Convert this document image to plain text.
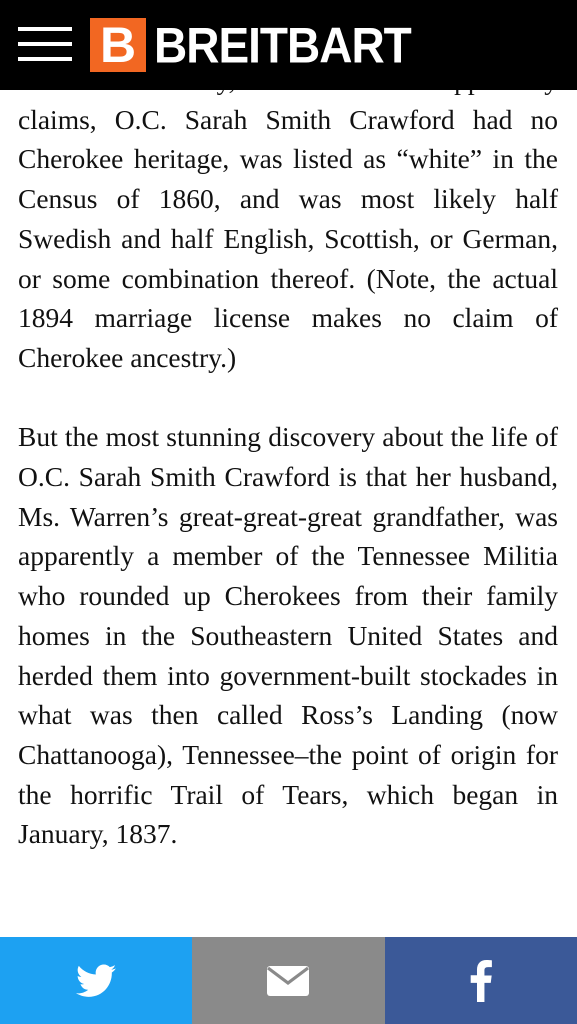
B BREITBART

claims, O.C. Sarah Smith Crawford had no Cherokee heritage, was listed as “white” in the Census of 1860, and was most likely half Swedish and half English, Scottish, or German, or some combination thereof. (Note, the actual 1894 marriage license makes no claim of Cherokee ancestry.)

But the most stunning discovery about the life of O.C. Sarah Smith Crawford is that her husband, Ms. Warren’s great-great-great grandfather, was apparently a member of the Tennessee Militia who rounded up Cherokees from their family homes in the Southeastern United States and herded them into government-built stockades in what was then called Ross’s Landing (now Chattanooga), Tennessee–the point of origin for the horrific Trail of Tears, which began in January, 1837.
